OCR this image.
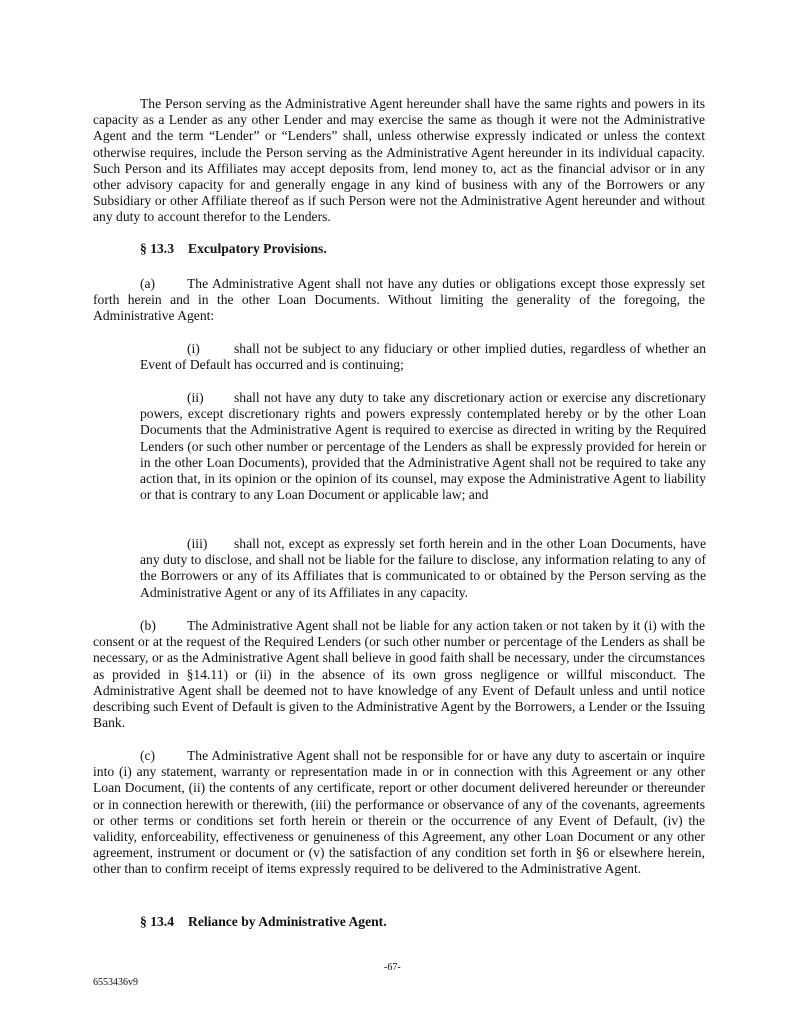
The Person serving as the Administrative Agent hereunder shall have the same rights and powers in its capacity as a Lender as any other Lender and may exercise the same as though it were not the Administrative Agent and the term “Lender” or “Lenders” shall, unless otherwise expressly indicated or unless the context otherwise requires, include the Person serving as the Administrative Agent hereunder in its individual capacity. Such Person and its Affiliates may accept deposits from, lend money to, act as the financial advisor or in any other advisory capacity for and generally engage in any kind of business with any of the Borrowers or any Subsidiary or other Affiliate thereof as if such Person were not the Administrative Agent hereunder and without any duty to account therefor to the Lenders.

§ 13.3 Exculpatory Provisions.

(a) The Administrative Agent shall not have any duties or obligations except those expressly set forth herein and in the other Loan Documents. Without limiting the generality of the foregoing, the Administrative Agent:

(i)	shall not be subject to any fiduciary or other implied duties, regardless of whether an Event of Default has occurred and is continuing;

(ii) shall not have any duty to take any discretionary action or exercise any discretionary powers, except discretionary rights and powers expressly contemplated hereby or by the other Loan Documents that the Administrative Agent is required to exercise as directed in writing by the Required Lenders (or such other number or percentage of the Lenders as shall be expressly provided for herein or in the other Loan Documents), provided that the Administrative Agent shall not be required to take any action that, in its opinion or the opinion of its counsel, may expose the Administrative Agent to liability or that is contrary to any Loan Document or applicable law; and

(iii) shall not, except as expressly set forth herein and in the other Loan Documents, have any duty to disclose, and shall not be liable for the failure to disclose, any information relating to any of the Borrowers or any of its Affiliates that is communicated to or obtained by the Person serving as the Administrative Agent or any of its Affiliates in any capacity.

(b) The Administrative Agent shall not be liable for any action taken or not taken by it (i) with the consent or at the request of the Required Lenders (or such other number or percentage of the Lenders as shall be necessary, or as the Administrative Agent shall believe in good faith shall be necessary, under the circumstances as provided in §14.11) or (ii) in the absence of its own gross negligence or willful misconduct. The Administrative Agent shall be deemed not to have knowledge of any Event of Default unless and until notice describing such Event of Default is given to the Administrative Agent by the Borrowers, a Lender or the Issuing Bank.

(c) The Administrative Agent shall not be responsible for or have any duty to ascertain or inquire into (i) any statement, warranty or representation made in or in connection with this Agreement or any other Loan Document, (ii) the contents of any certificate, report or other document delivered hereunder or thereunder or in connection herewith or therewith, (iii) the performance or observance of any of the covenants, agreements or other terms or conditions set forth herein or therein or the occurrence of any Event of Default, (iv) the validity, enforceability, effectiveness or genuineness of this Agreement, any other Loan Document or any other agreement, instrument or document or (v) the satisfaction of any condition set forth in §6 or elsewhere herein, other than to confirm receipt of items expressly required to be delivered to the Administrative Agent.

§ 13.4 Reliance by Administrative Agent.
-67-
6553436v9
